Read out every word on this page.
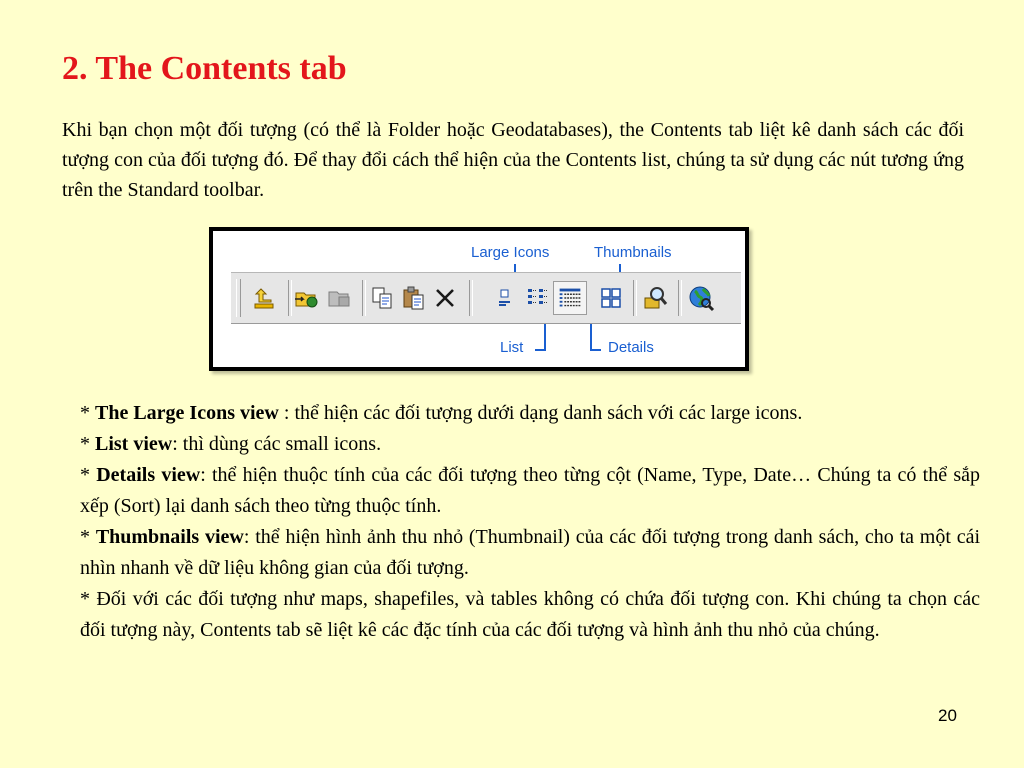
2. The Contents tab

Khi bạn chọn một đối tượng (có thể là Folder hoặc Geodatabases), the Contents tab liệt kê danh sách các đối tượng con của đối tượng đó. Để thay đổi cách thể hiện của the Contents list, chúng ta sử dụng các nút tương ứng trên the Standard toolbar.

Large Icons	Thumbnails
List	Details

* The Large Icons view : thể hiện các đối tượng dưới dạng danh sách với các large icons.

* List view: thì dùng các small icons.

* Details view: thể hiện thuộc tính của các đối tượng theo từng cột (Name, Type, Date… Chúng ta có thể sắp xếp (Sort) lại danh sách theo từng thuộc tính.

* Thumbnails view: thể hiện hình ảnh thu nhỏ (Thumbnail) của các đối tượng trong danh sách, cho ta một cái nhìn nhanh về dữ liệu không gian của đối tượng.

* Đối với các đối tượng như maps, shapefiles, và tables không có chứa đối tượng con. Khi chúng ta chọn các đối tượng này, Contents tab sẽ liệt kê các đặc tính của các đối tượng và hình ảnh thu nhỏ của chúng.

20
